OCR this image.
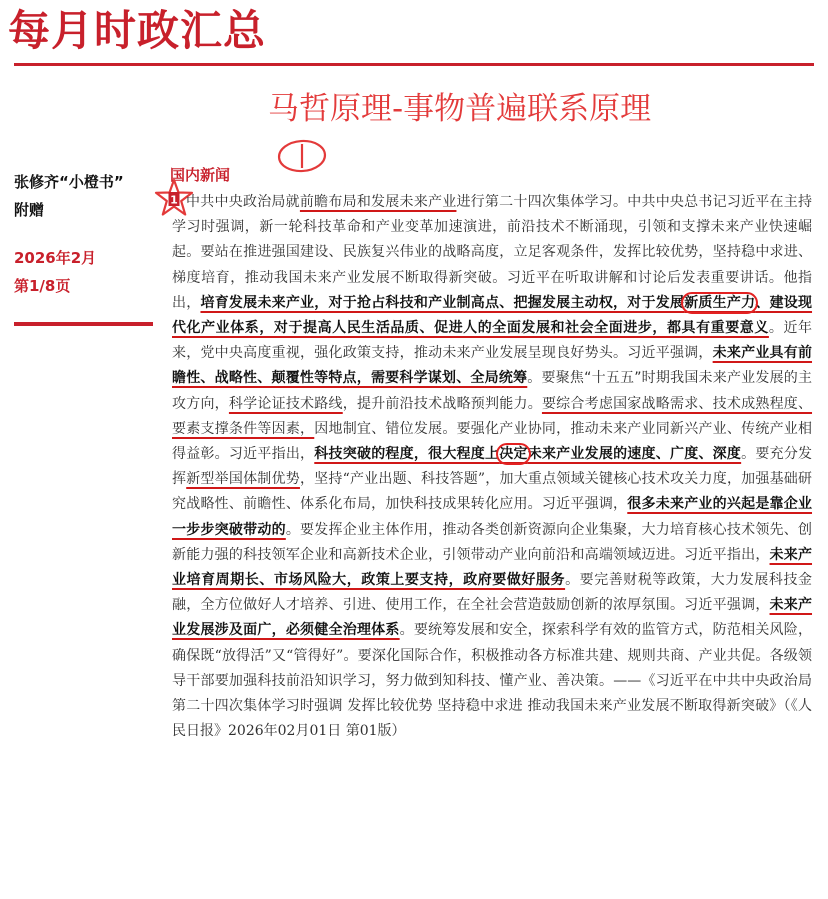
每月时政汇总
马哲原理-事物普遍联系原理
张修齐“小橙书”
附赠
2026年2月
第1/8页
国内新闻
1 中共中央政治局就前瞻布局和发展未来产业进行第二十四次集体学习。中共中央总书记习近平在主持学习时强调，新一轮科技革命和产业变革加速演进，前沿技术不断涌现，引领和支撑未来产业快速崛起。要站在推进强国建设、民族复兴伟业的战略高度，立足客观条件，发挥比较优势，坚持稳中求进、梯度培育，推动我国未来产业发展不断取得新突破。习近平在听取讲解和讨论后发表重要讲话。他指出，培育发展未来产业，对于抢占科技和产业制高点、把握发展主动权，对于发展新质生产力、建设现代化产业体系，对于提高人民生活品质、促进人的全面发展和社会全面进步，都具有重要意义。近年来，党中央高度重视，强化政策支持，推动未来产业发展呈现良好势头。习近平强调，未来产业具有前瞻性、战略性、颠覆性等特点，需要科学谋划、全局统筹。要聚焦“十五五”时期我国未来产业发展的主攻方向，科学论证技术路线，提升前沿技术战略预判能力。要综合考虑国家战略需求、技术成熟程度、要素支撑条件等因素，因地制宜、错位发展。要强化产业协同，推动未来产业同新兴产业、传统产业相得益彰。习近平指出，科技突破的程度，很大程度上决定未来产业发展的速度、广度、深度。要充分发挥新型举国体制优势，坚持“产业出题、科技答题”，加大重点领域关键核心技术攻关力度，加强基础研究战略性、前瞻性、体系化布局，加快科技成果转化应用。习近平强调，很多未来产业的兴起是靠企业一步步突破带动的。要发挥企业主体作用，推动各类创新资源向企业集聚，大力培育核心技术领先、创新能力强的科技领军企业和高新技术企业，引领带动产业向前沿和高端领域迈进。习近平指出，未来产业培育周期长、市场风险大，政策上要支持，政府要做好服务。要完善财税等政策，大力发展科技金融，全方位做好人才培养、引进、使用工作，在全社会营造鼓励创新的浓厚氛围。习近平强调，未来产业发展涉及面广，必须健全治理体系。要统筹发展和安全，探索科学有效的监管方式，防范相关风险，确保既“放得活”又“管得好”。要深化国际合作，积极推动各方标准共建、规则共商、产业共促。各级领导干部要加强科技前沿知识学习，努力做到知科技、懂产业、善决策。——《习近平在中共中央政治局第二十四次集体学习时强调 发挥比较优势 坚持稳中求进 推动我国未来产业发展不断取得新突破》（《人民日报》2026年02月01日 第01版）
